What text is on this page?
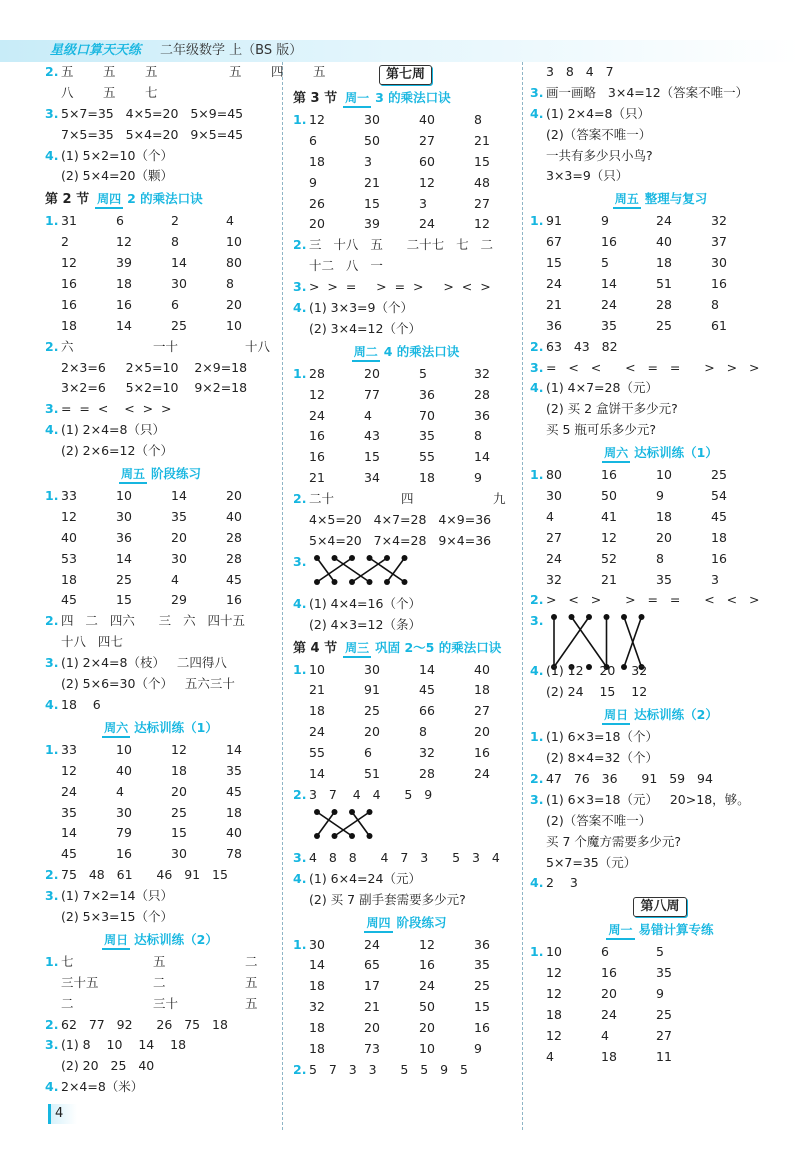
星级口算天天练 二年级数学 上（BS 版）
2. 五 五 五	五 四 五
八 五 七
3. 5×7=35   4×5=20   5×9=45
7×5=35   5×4=20   9×5=45
4. (1) 5×2=10（个）
(2) 5×4=20（颗）
第 2 节 周四 2 的乘法口诀
1. 31	6	2	4
2	12	8	10
12	39	14	80
16	18	30	8
16	16	6	20
18	14	25	10
2. 六	一十	十八
2×3=6     2×5=10    2×9=18
3×2=6     5×2=10    9×2=18
3. =  =  <    <  >  >
4. (1) 2×4=8（只）
(2) 2×6=12（个）
周五 阶段练习
1. 33	10	14	20
12	30	35	40
40	36	20	28
53	14	30	28
18	25	4	45
45	15	29	16
2. 四   二   四六      三   六   四十五
十八   四七
3. (1) 2×4=8（枝）   二四得八
(2) 5×6=30（个）   五六三十
4. 18    6
周六 达标训练（1）
1. 33	10	12	14
12	40	18	35
24	4	20	45
35	30	25	18
14	79	15	40
45	16	30	78
2. 75   48   61      46   91   15
3. (1) 7×2=14（只）
(2) 5×3=15（个）
周日 达标训练（2）
1. 七	五	二
三十五	二	五
二	三十	五
2. 62   77   92      26   75   18
3. (1) 8    10    14    18
(2) 20   25   40
4. 2×4=8（米）
第七周
第 3 节 周一 3 的乘法口诀
1. 12	30	40	8
6	50	27	21
18	3	60	15
9	21	12	48
26	15	3	27
20	39	24	12
2. 三   十八   五      二十七   七   二
十二   八   一
3. >  >  =     >  =  >     >  <  >
4. (1) 3×3=9（个）
(2) 3×4=12（个）
周二 4 的乘法口诀
1. 28	20	5	32
12	77	36	28
24	4	70	36
16	43	35	8
16	15	55	14
21	34	18	9
2. 二十	四	九
4×5=20   4×7=28   4×9=36
5×4=20   7×4=28   9×4=36
3.
4. (1) 4×4=16（个）
(2) 4×3=12（条）
第 4 节 周三 巩固 2～5 的乘法口诀
1. 10	30	14	40
21	91	45	18
18	25	66	27
24	20	8	20
55	6	32	16
14	51	28	24
2. 3   7    4   4      5   9
3. 4   8   8      4   7   3      5   3   4
4. (1) 6×4=24（元）
(2) 买 7 副手套需要多少元?
周四 阶段练习
1. 30	24	12	36
14	65	16	35
18	17	24	25
32	21	50	15
18	20	20	16
18	73	10	9
2. 5   7   3   3      5   5   9   5
3   8   4   7
3. 画一画略   3×4=12（答案不唯一）
4. (1) 2×4=8（只）
(2)（答案不唯一）
一共有多少只小鸟?
3×3=9（只）
周五 整理与复习
1. 91	9	24	32
67	16	40	37
15	5	18	30
24	14	51	16
21	24	28	8
36	35	25	61
2. 63   43   82
3. =   <   <      <   =   =      >   >   >
4. (1) 4×7=28（元）
(2) 买 2 盒饼干多少元?
买 5 瓶可乐多少元?
周六 达标训练（1）
1. 80	16	10	25
30	50	9	54
4	41	18	45
27	12	20	18
24	52	8	16
32	21	35	3
2. >   <   >      >   =   =      <   <   >
3.
4. (1) 12    20    32
(2) 24    15    12
周日 达标训练（2）
1. (1) 6×3=18（个）
(2) 8×4=32（个）
2. 47   76   36      91   59   94
3. (1) 6×3=18（元）   20>18，够。
(2)（答案不唯一）
买 7 个魔方需要多少元?
5×7=35（元）
4. 2    3
第八周
周一 易错计算专练
1. 10	6	5
12	16	35
12	20	9
18	24	25
12	4	27
4	18	11
4
